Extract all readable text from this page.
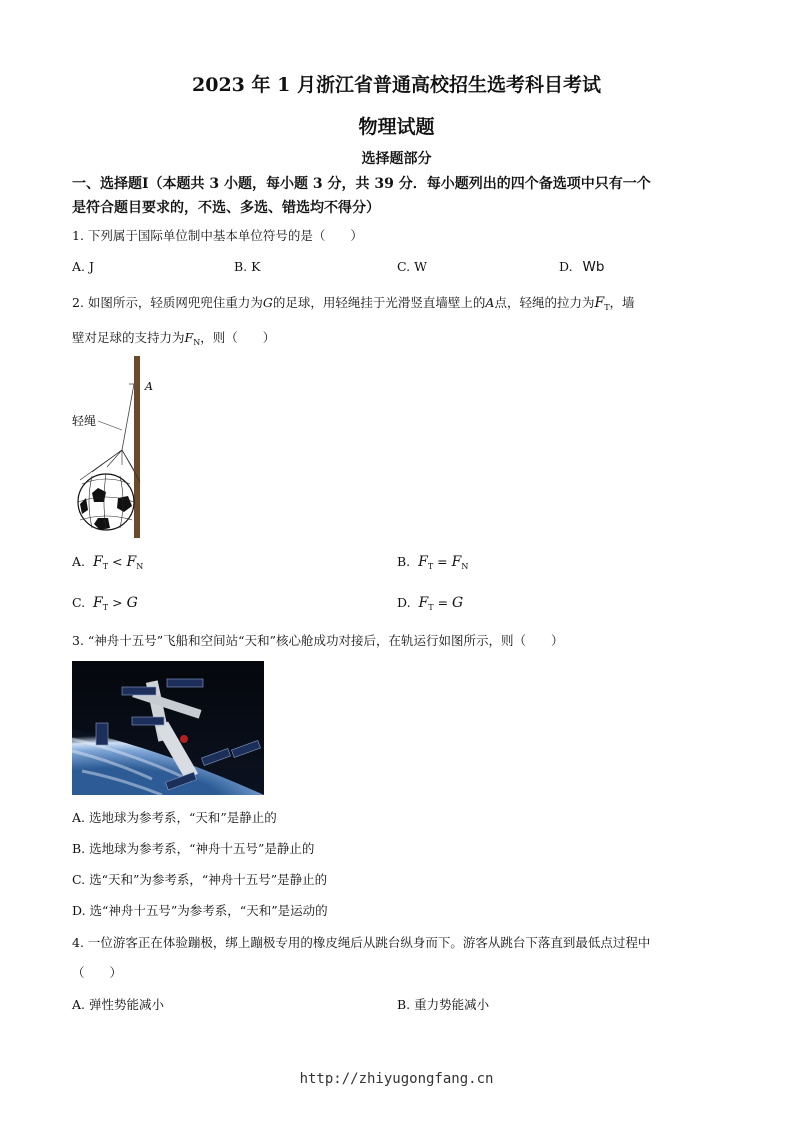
2023 年 1 月浙江省普通高校招生选考科目考试
物理试题
选择题部分
一、选择题Ⅰ（本题共 3 小题，每小题 3 分，共 39 分．每小题列出的四个备选项中只有一个
是符合题目要求的，不选、多选、错选均不得分）
1. 下列属于国际单位制中基本单位符号的是（　　）
A. J	B. K	C. W	D. Wb
2. 如图所示，轻质网兜兜住重力为G的足球，用轻绳挂于光滑竖直墙壁上的A点，轻绳的拉力为$F_T$，墙
壁对足球的支持力为$F_N$，则（　　）
A
轻绳
A. $F_T < F_N$	B. $F_T = F_N$
C. $F_T > G$	D. $F_T = G$
3. “神舟十五号”飞船和空间站“天和”核心舱成功对接后，在轨运行如图所示，则（　　）
A. 选地球为参考系，“天和”是静止的
B. 选地球为参考系，“神舟十五号”是静止的
C. 选“天和”为参考系，“神舟十五号”是静止的
D. 选“神舟十五号”为参考系，“天和”是运动的
4. 一位游客正在体验蹦极，绑上蹦极专用的橡皮绳后从跳台纵身而下。游客从跳台下落直到最低点过程中
（　　）
A. 弹性势能减小	B. 重力势能减小
http://zhiyugongfang.cn
